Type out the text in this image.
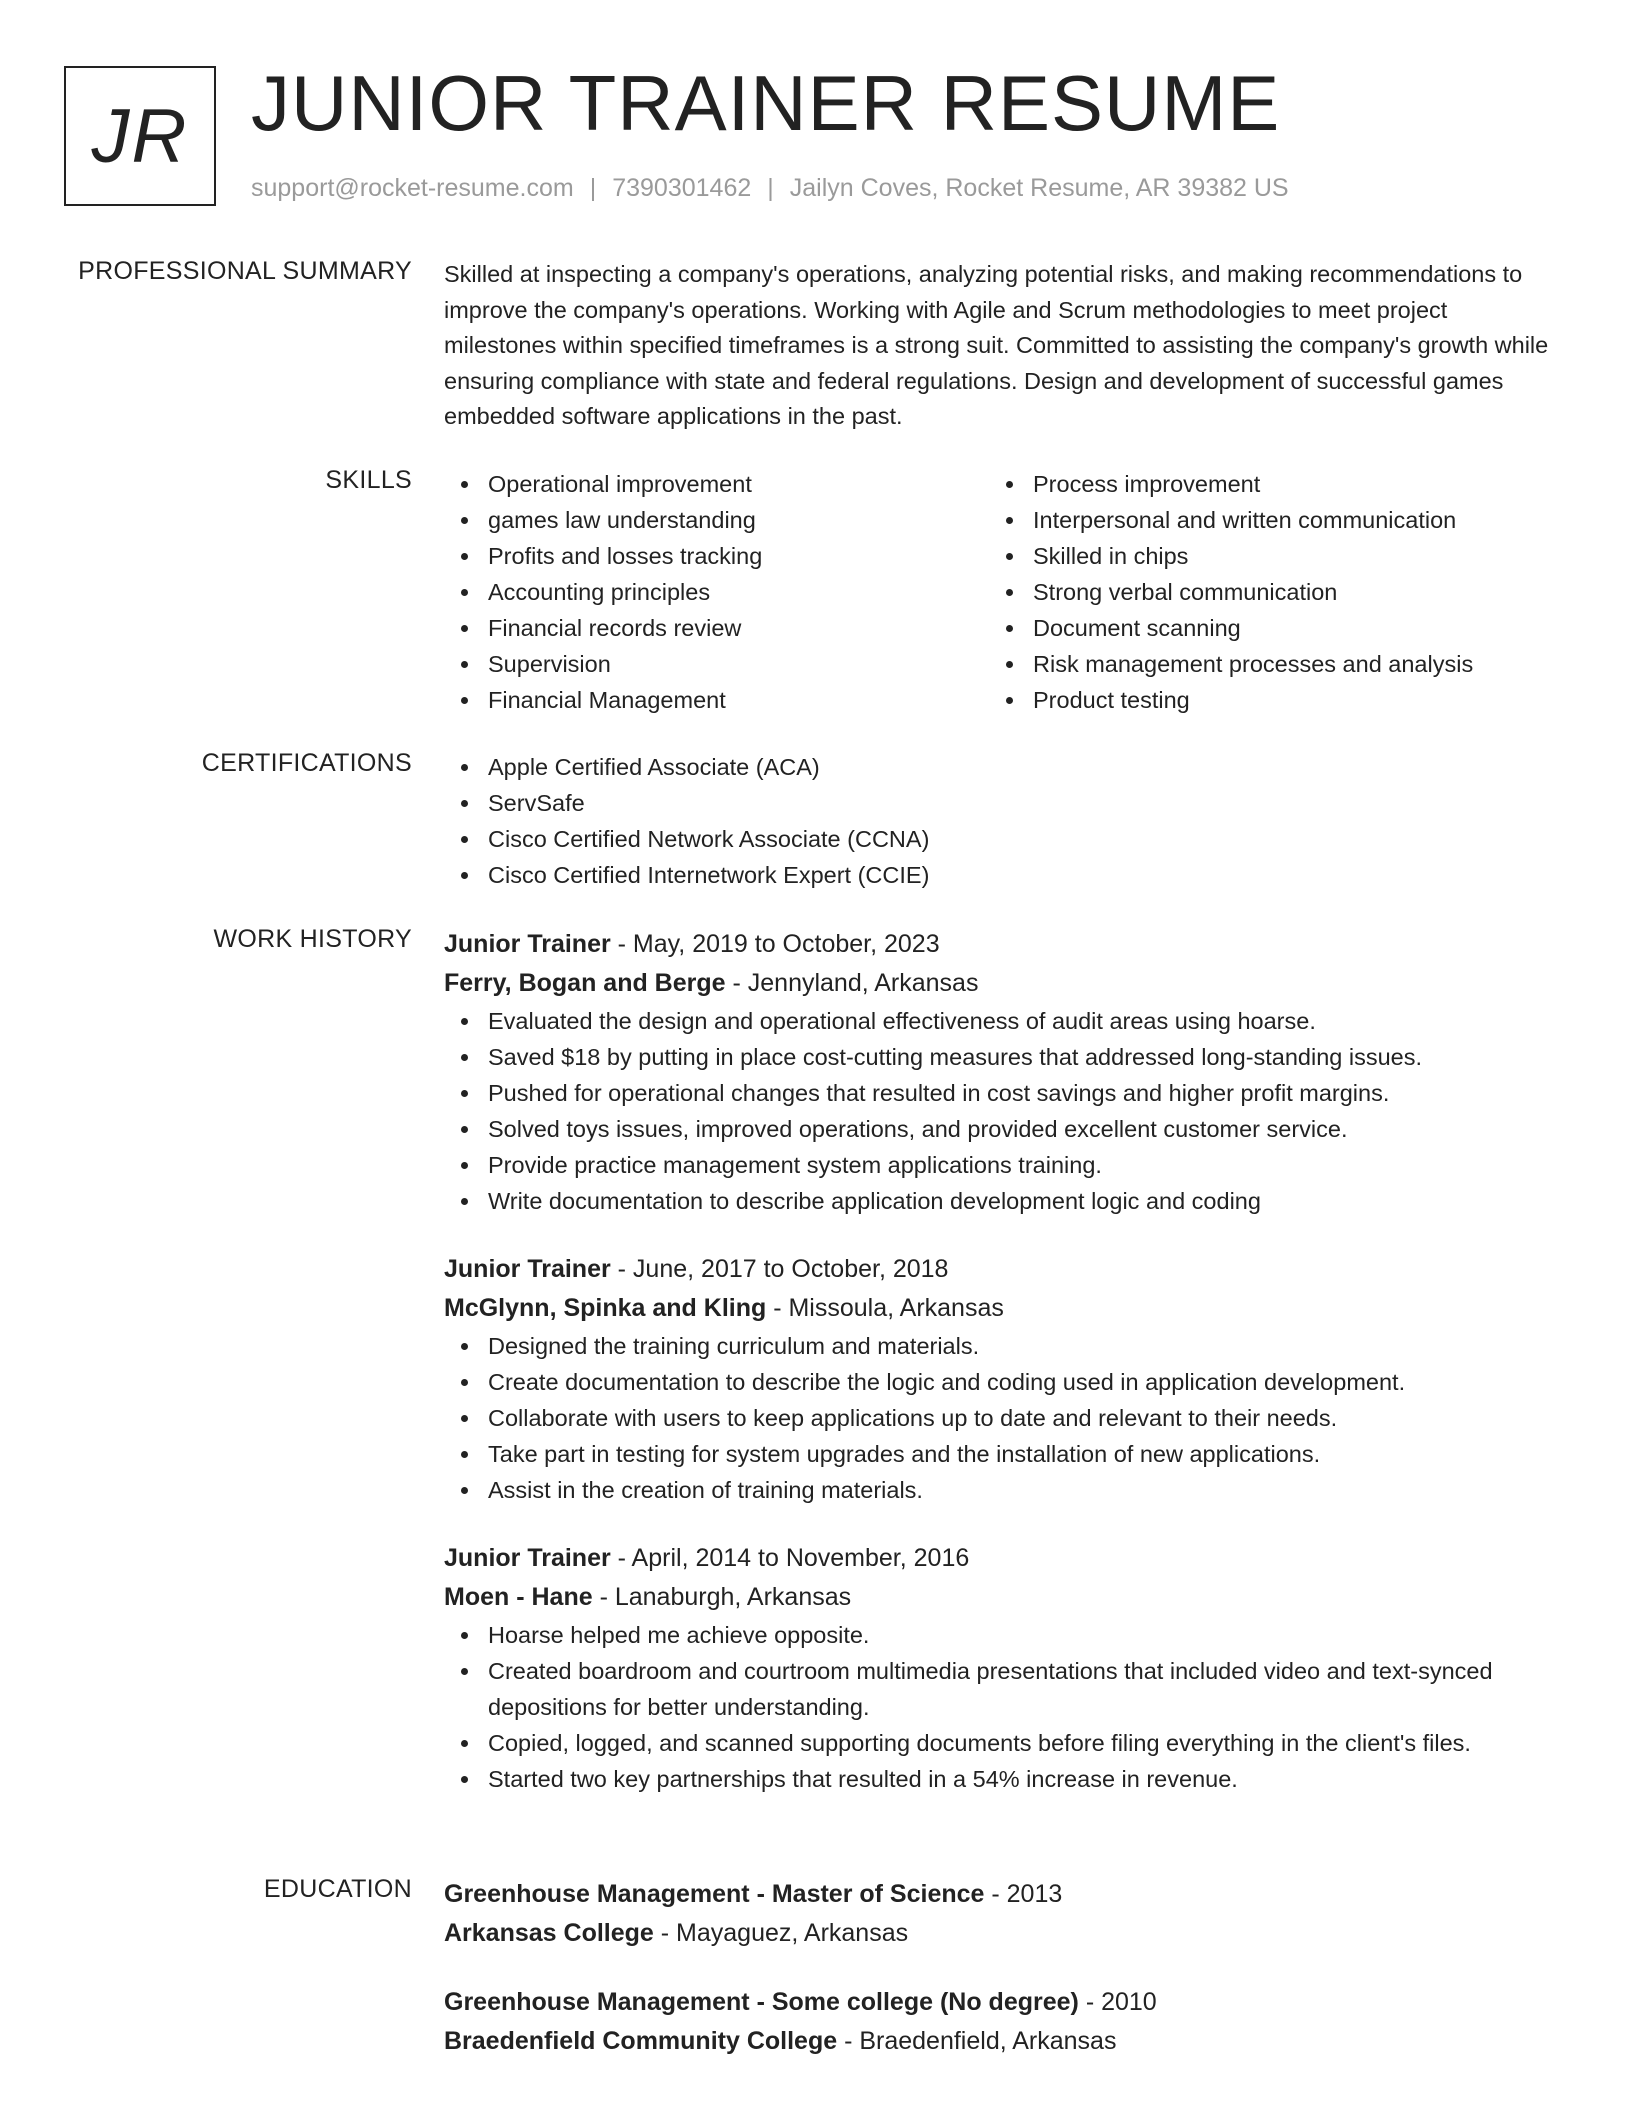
JR JUNIOR TRAINER RESUME
support@rocket-resume.com | 7390301462 | Jailyn Coves, Rocket Resume, AR 39382 US
PROFESSIONAL SUMMARY Skilled at inspecting a company's operations, analyzing potential risks, and making recommendations to improve the company's operations. Working with Agile and Scrum methodologies to meet project milestones within specified timeframes is a strong suit. Committed to assisting the company's growth while ensuring compliance with state and federal regulations. Design and development of successful games embedded software applications in the past.

SKILLS	Operational improvement
games law understanding
Profits and losses tracking
Accounting principles
Financial records review
Supervision
Financial Management
Process improvement
Interpersonal and written communication
Skilled in chips
Strong verbal communication
Document scanning
Risk management processes and analysis
Product testing
CERTIFICATIONS	Apple Certified Associate (ACA)
ServSafe
Cisco Certified Network Associate (CCNA)
Cisco Certified Internetwork Expert (CCIE)
WORK HISTORY Junior Trainer - May, 2019 to October, 2023
Ferry, Bogan and Berge - Jennyland, Arkansas
Evaluated the design and operational effectiveness of audit areas using hoarse.
Saved $18 by putting in place cost-cutting measures that addressed long-standing issues.
Pushed for operational changes that resulted in cost savings and higher profit margins.
Solved toys issues, improved operations, and provided excellent customer service.
Provide practice management system applications training.
Write documentation to describe application development logic and coding
Junior Trainer - June, 2017 to October, 2018
McGlynn, Spinka and Kling - Missoula, Arkansas
Designed the training curriculum and materials.
Create documentation to describe the logic and coding used in application development.
Collaborate with users to keep applications up to date and relevant to their needs.
Take part in testing for system upgrades and the installation of new applications.
Assist in the creation of training materials.
Junior Trainer - April, 2014 to November, 2016
Moen - Hane - Lanaburgh, Arkansas
Hoarse helped me achieve opposite.
Created boardroom and courtroom multimedia presentations that included video and text-synced depositions for better understanding.
Copied, logged, and scanned supporting documents before filing everything in the client's files.
Started two key partnerships that resulted in a 54% increase in revenue.
EDUCATION Greenhouse Management - Master of Science - 2013
Arkansas College - Mayaguez, Arkansas
Greenhouse Management - Some college (No degree) - 2010
Braedenfield Community College - Braedenfield, Arkansas
